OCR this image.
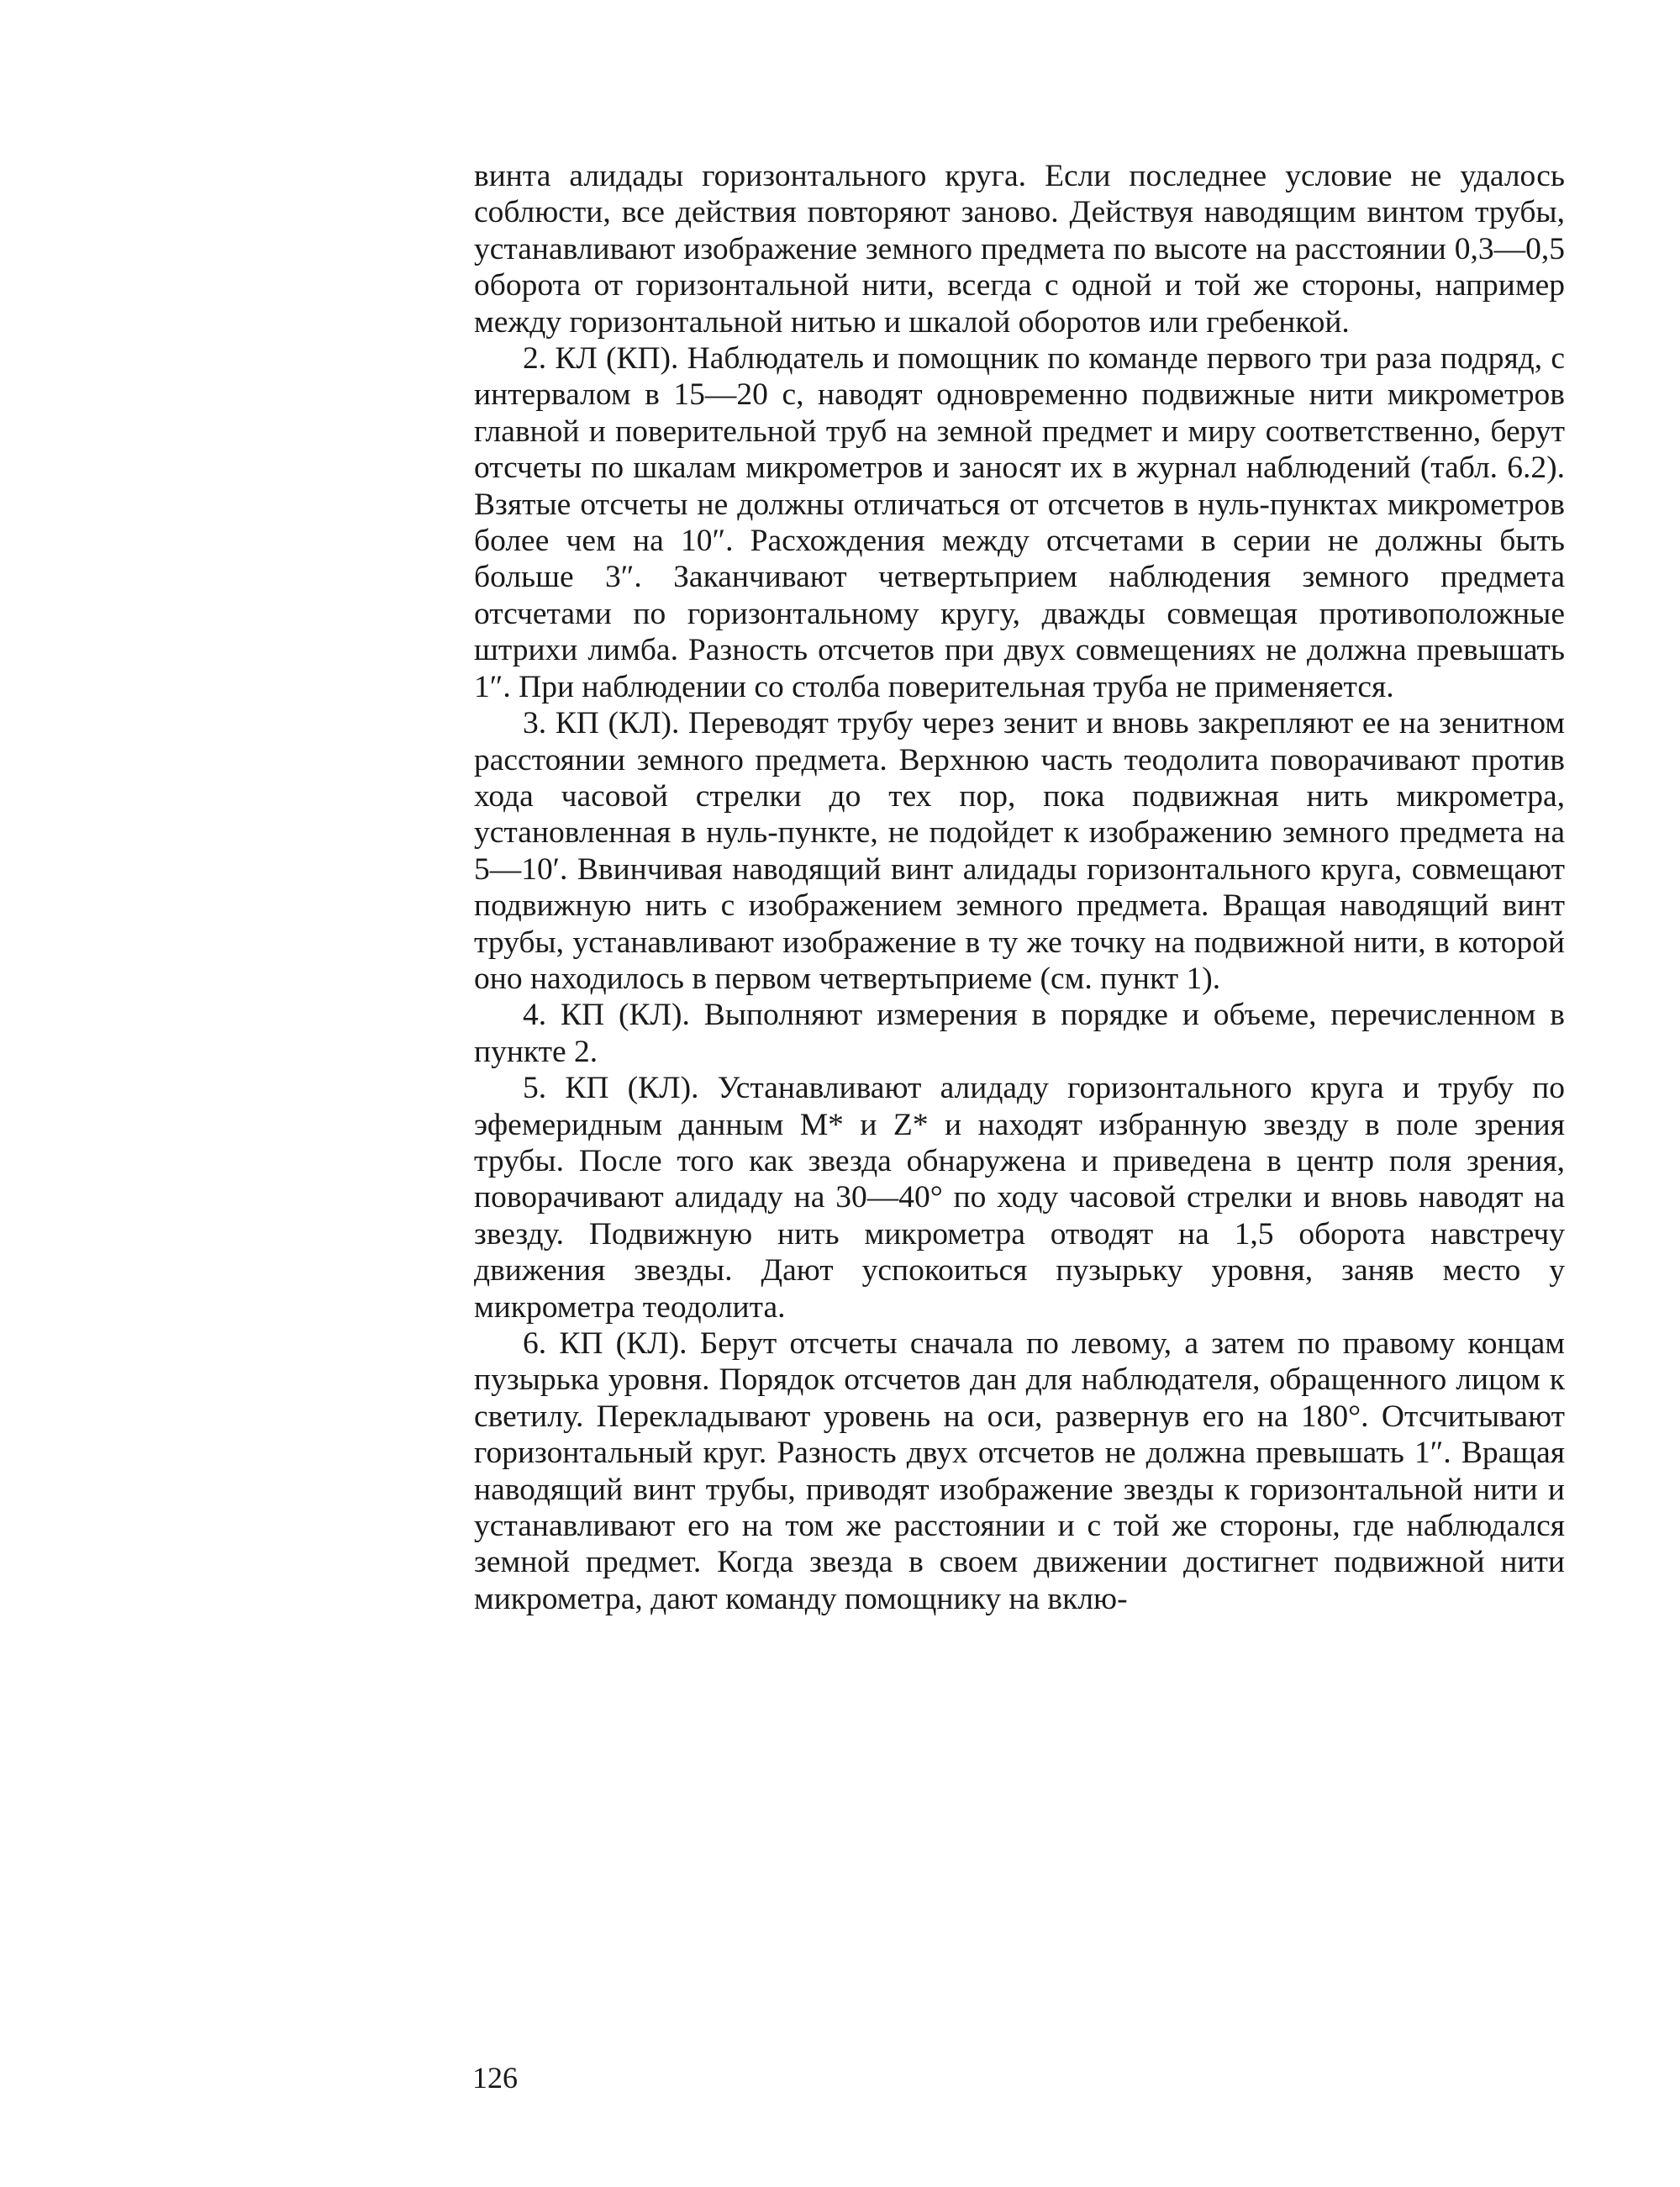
винта алидады горизонтального круга. Если последнее условие не удалось соблюсти, все действия повторяют заново. Действуя наводящим винтом трубы, устанавливают изображение земного предмета по высоте на расстоянии 0,3—0,5 оборота от горизонтальной нити, всегда с одной и той же стороны, например между горизонтальной нитью и шкалой оборотов или гребенкой.

2. КЛ (КП). Наблюдатель и помощник по команде первого три раза подряд, с интервалом в 15—20 с, наводят одновременно подвижные нити микрометров главной и поверительной труб на земной предмет и миру соответственно, берут отсчеты по шкалам микрометров и заносят их в журнал наблюдений (табл. 6.2). Взятые отсчеты не должны отличаться от отсчетов в нуль-пунктах микрометров более чем на 10″. Расхождения между отсчетами в серии не должны быть больше 3″. Заканчивают четвертьприем наблюдения земного предмета отсчетами по горизонтальному кругу, дважды совмещая противоположные штрихи лимба. Разность отсчетов при двух совмещениях не должна превышать 1″. При наблюдении со столба поверительная труба не применяется.

3. КП (КЛ). Переводят трубу через зенит и вновь закрепляют ее на зенитном расстоянии земного предмета. Верхнюю часть теодолита поворачивают против хода часовой стрелки до тех пор, пока подвижная нить микрометра, установленная в нуль-пункте, не подойдет к изображению земного предмета на 5—10′. Ввинчивая наводящий винт алидады горизонтального круга, совмещают подвижную нить с изображением земного предмета. Вращая наводящий винт трубы, устанавливают изображение в ту же точку на подвижной нити, в которой оно находилось в первом четвертьприеме (см. пункт 1).

4. КП (КЛ). Выполняют измерения в порядке и объеме, перечисленном в пункте 2.

5. КП (КЛ). Устанавливают алидаду горизонтального круга и трубу по эфемеридным данным M* и Z* и находят избранную звезду в поле зрения трубы. После того как звезда обнаружена и приведена в центр поля зрения, поворачивают алидаду на 30—40° по ходу часовой стрелки и вновь наводят на звезду. Подвижную нить микрометра отводят на 1,5 оборота навстречу движения звезды. Дают успокоиться пузырьку уровня, заняв место у микрометра теодолита.

6. КП (КЛ). Берут отсчеты сначала по левому, а затем по правому концам пузырька уровня. Порядок отсчетов дан для наблюдателя, обращенного лицом к светилу. Перекладывают уровень на оси, развернув его на 180°. Отсчитывают горизонтальный круг. Разность двух отсчетов не должна превышать 1″. Вращая наводящий винт трубы, приводят изображение звезды к горизонтальной нити и устанавливают его на том же расстоянии и с той же стороны, где наблюдался земной предмет. Когда звезда в своем движении достигнет подвижной нити микрометра, дают команду помощнику на вклю-

126
